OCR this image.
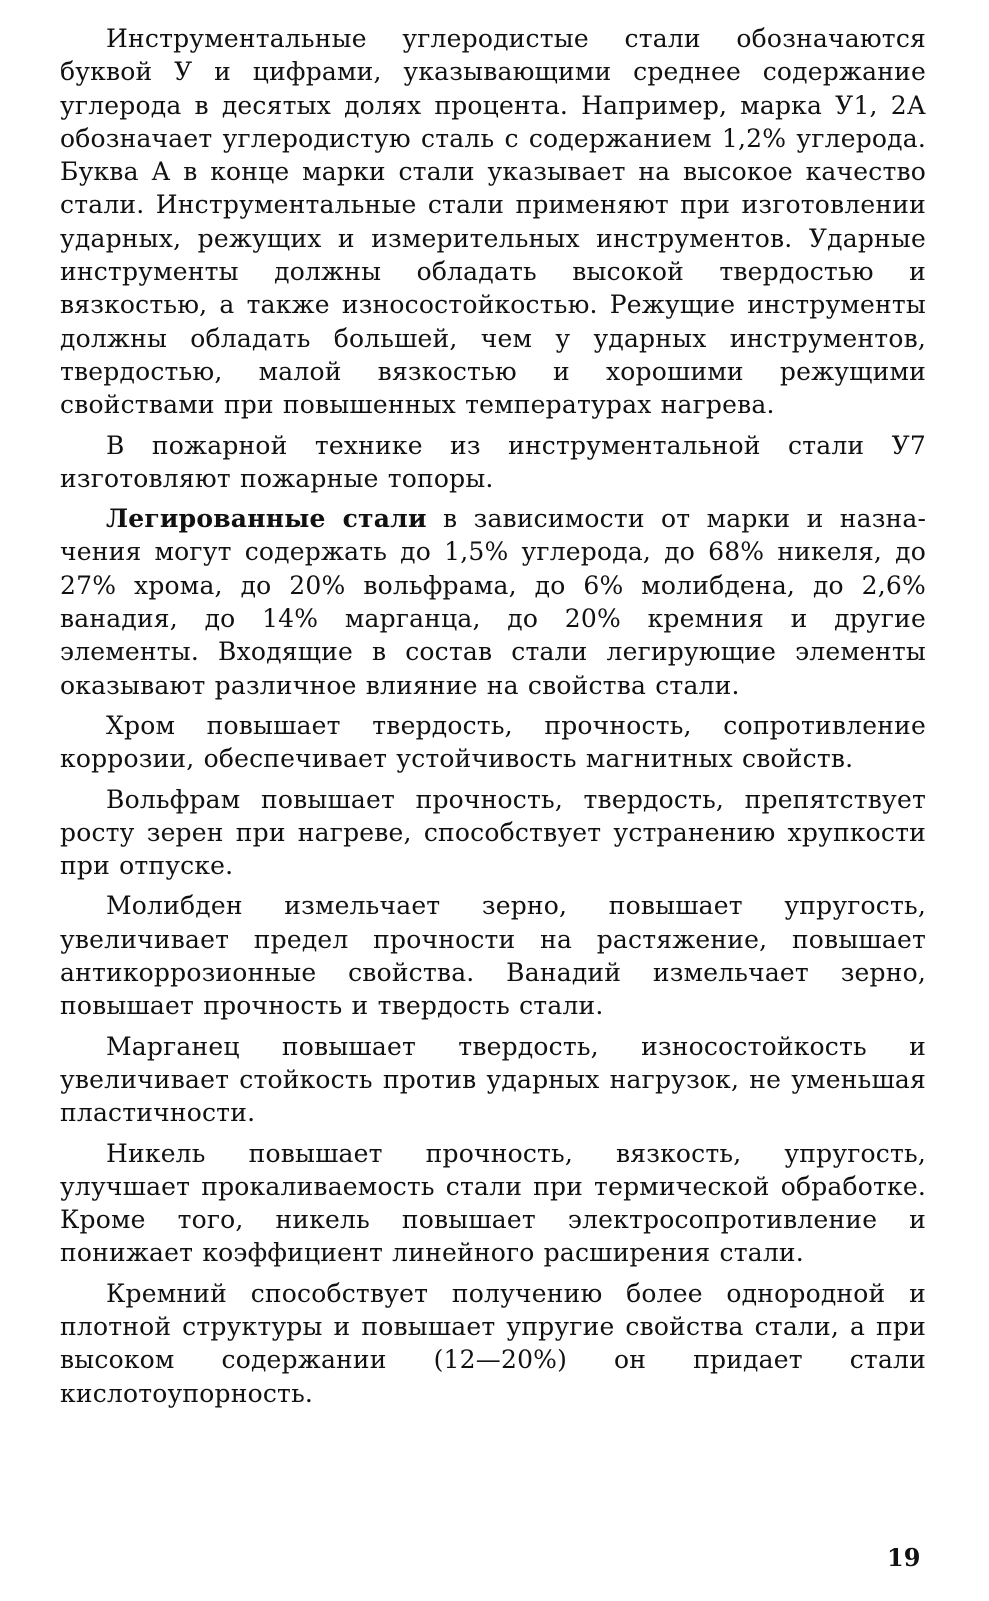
Инструментальные углеродистые стали обозначаются буквой У и цифрами, указывающими среднее содержание углерода в десятых долях процента. Например, марка У1, 2А обозначает углеродистую сталь с содержанием 1,2% углерода. Буква А в конце марки стали указывает на высокое качество стали. Инструментальные стали применяют при изготовлении ударных, режущих и измерительных инструментов. Ударные инструменты должны обладать высокой твердостью и вязкостью, а также износостойкостью. Режущие инструменты должны обладать большей, чем у ударных инструментов, твердостью, малой вязкостью и хорошими режущими свойствами при повышенных температурах нагрева.

В пожарной технике из инструментальной стали У7 изготовляют пожарные топоры.

Легированные стали в зависимости от марки и назначения могут содержать до 1,5% углерода, до 68% никеля, до 27% хрома, до 20% вольфрама, до 6% молибдена, до 2,6% ванадия, до 14% марганца, до 20% кремния и другие элементы. Входящие в состав стали легирующие элементы оказывают различное влияние на свойства стали.

Хром повышает твердость, прочность, сопротивление коррозии, обеспечивает устойчивость магнитных свойств.

Вольфрам повышает прочность, твердость, препятствует росту зерен при нагреве, способствует устранению хрупкости при отпуске.

Молибден измельчает зерно, повышает упругость, увеличивает предел прочности на растяжение, повышает антикоррозионные свойства. Ванадий измельчает зерно, повышает прочность и твердость стали.

Марганец повышает твердость, износостойкость и увеличивает стойкость против ударных нагрузок, не уменьшая пластичности.

Никель повышает прочность, вязкость, упругость, улучшает прокаливаемость стали при термической обработке. Кроме того, никель повышает электросопротивление и понижает коэффициент линейного расширения стали.

Кремний способствует получению более однородной и плотной структуры и повышает упругие свойства стали, а при высоком содержании (12—20%) он придает стали кислотоупорность.

19
